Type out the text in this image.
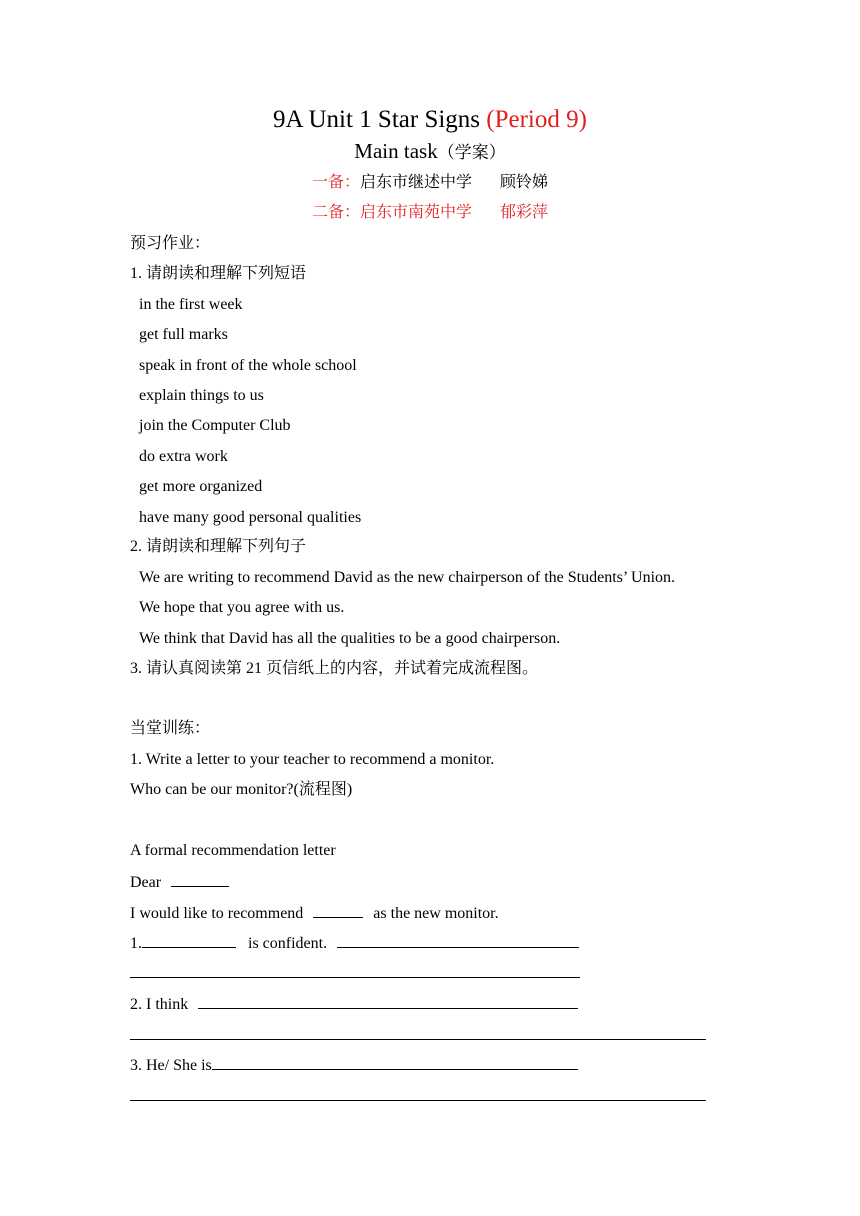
9A Unit 1 Star Signs (Period 9)
Main task（学案）
一备：启东市继述中学 顾铃娣
二备：启东市南苑中学 郁彩萍
预习作业：
1. 请朗读和理解下列短语
in the first week
get full marks
speak in front of the whole school
explain things to us
join the Computer Club
do extra work
get more organized
have many good personal qualities
2. 请朗读和理解下列句子
We are writing to recommend David as the new chairperson of the Students’ Union.
We hope that you agree with us.
We think that David has all the qualities to be a good chairperson.
3. 请认真阅读第 21 页信纸上的内容，并试着完成流程图。
当堂训练：
1. Write a letter to your teacher to recommend a monitor.
Who can be our monitor?(流程图)
A formal recommendation letter
Dear
I would like to recommend	as the new monitor.
1.	is confident.
2. I think
3. He/ She is
